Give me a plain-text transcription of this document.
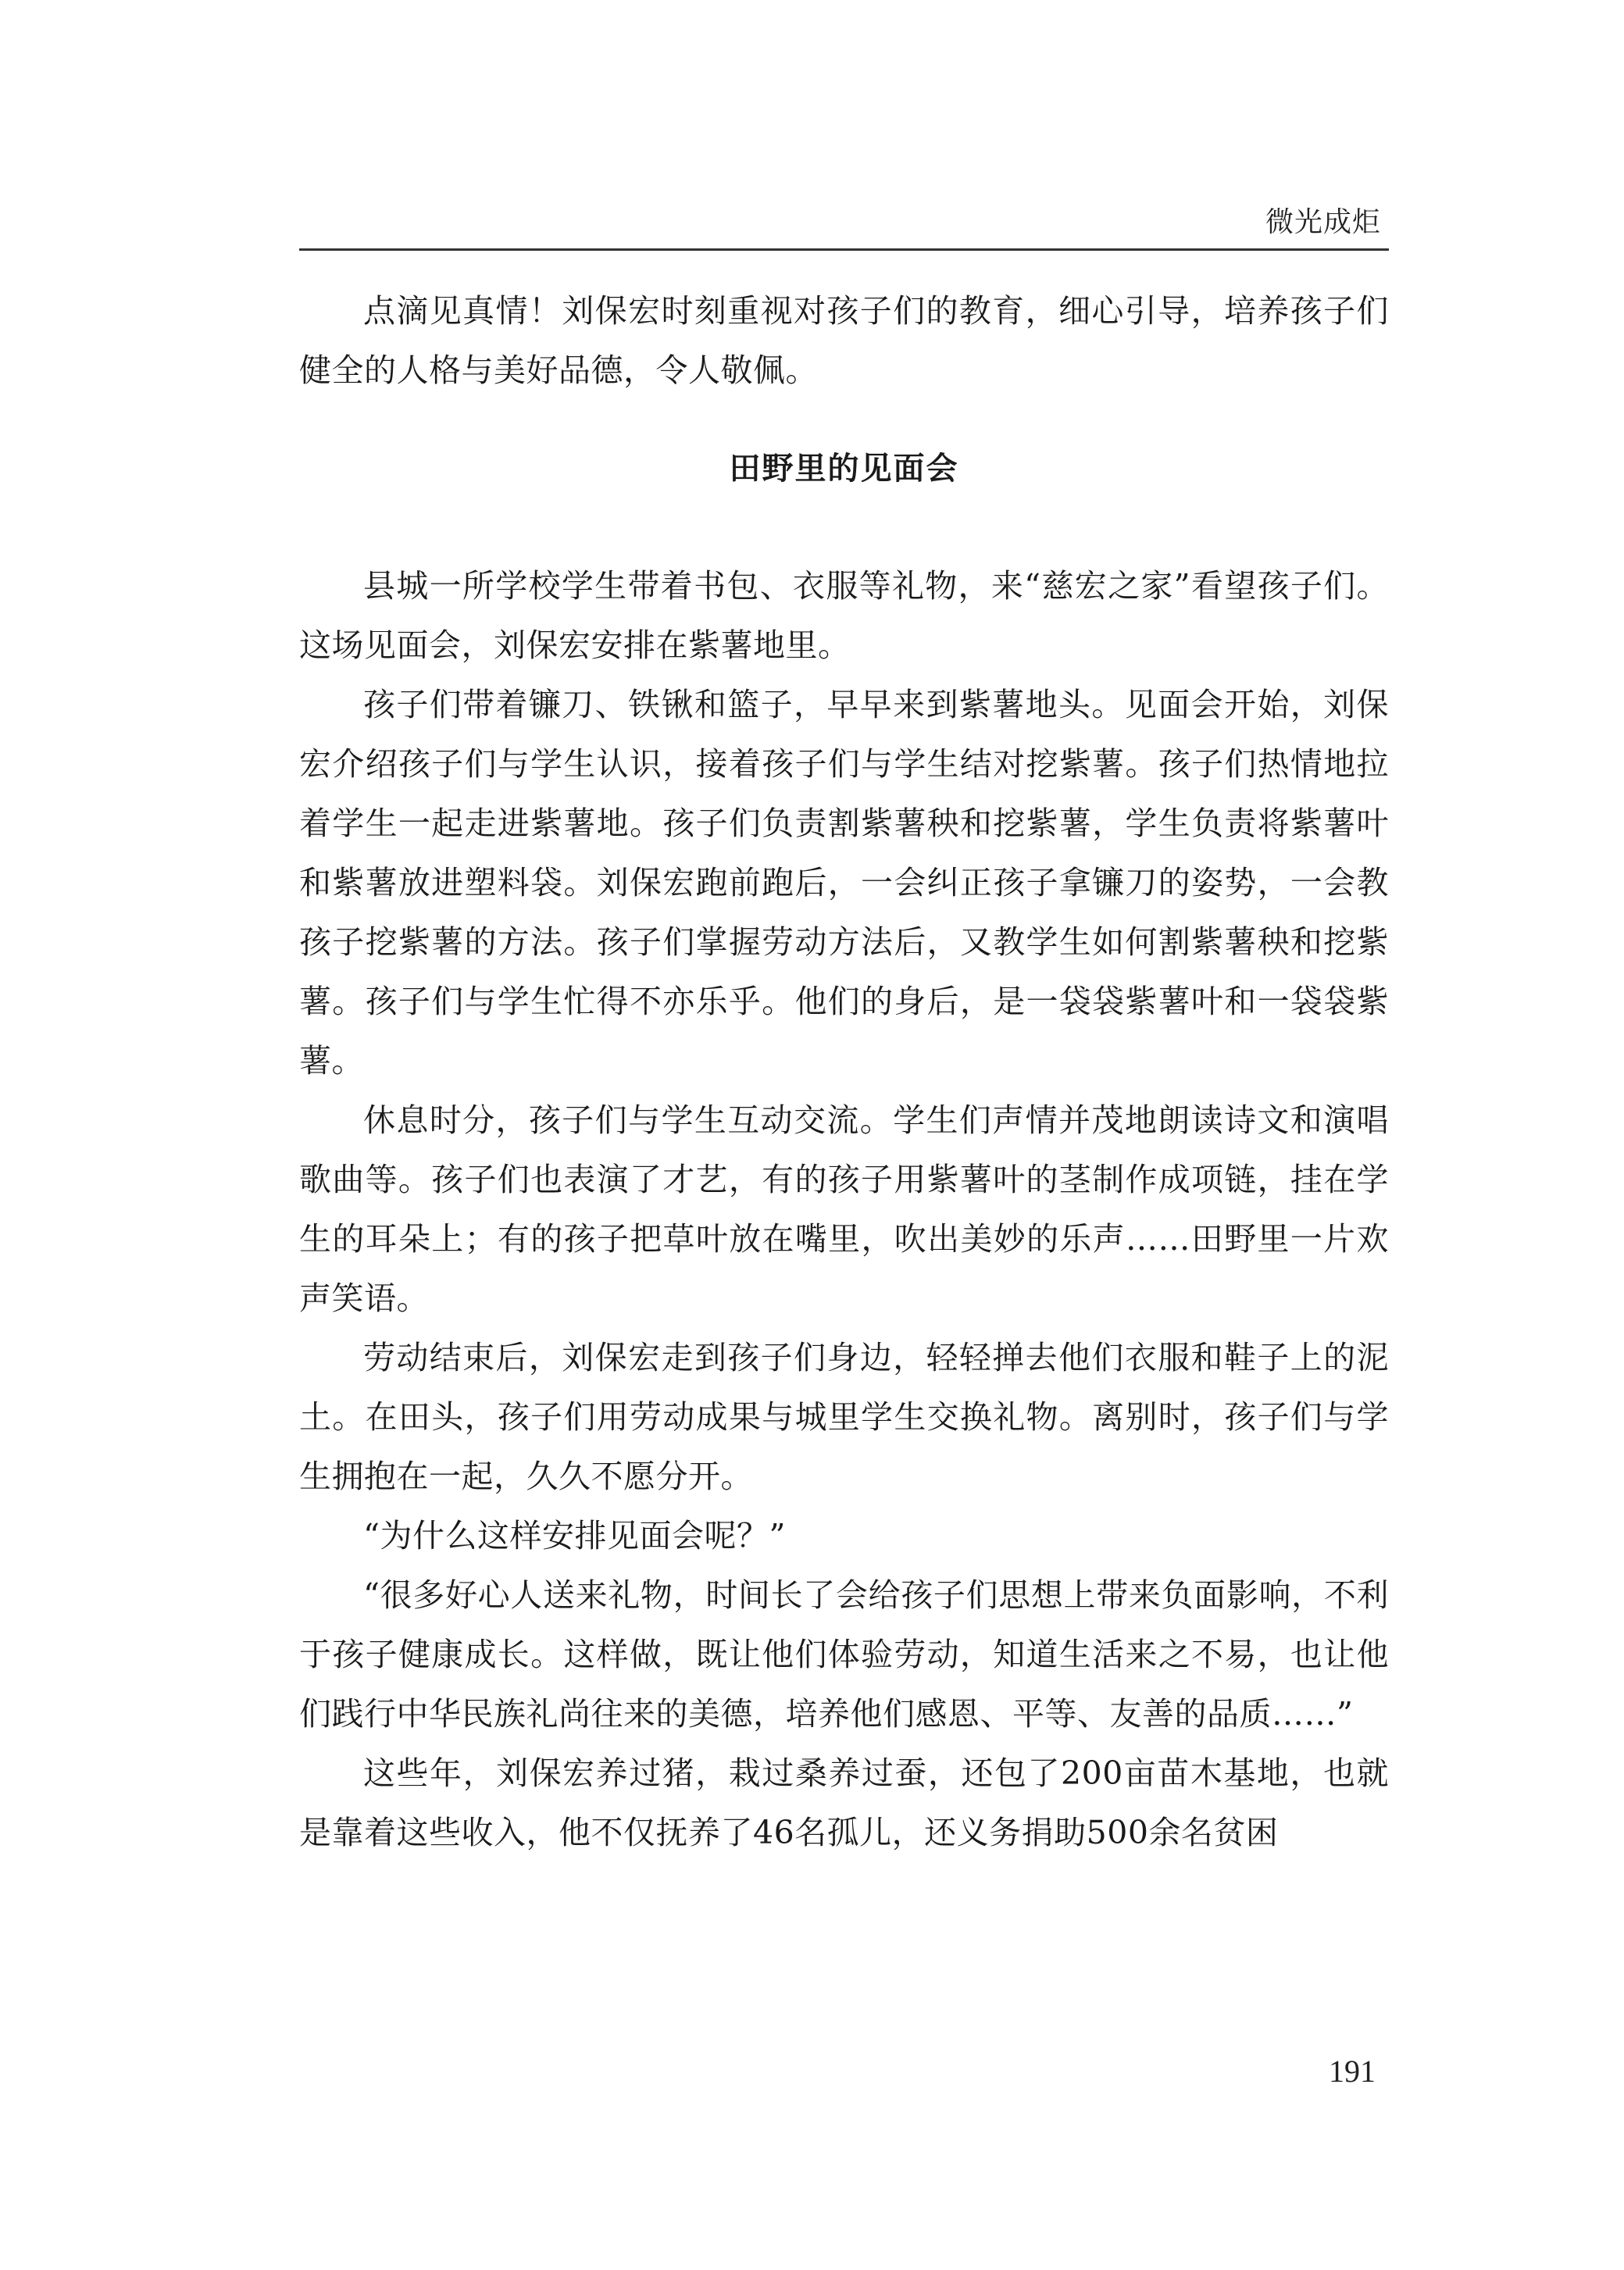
微光成炬

点滴见真情！刘保宏时刻重视对孩子们的教育，细心引导，培养孩子们健全的人格与美好品德，令人敬佩。

田野里的见面会

县城一所学校学生带着书包、衣服等礼物，来“慈宏之家”看望孩子们。这场见面会，刘保宏安排在紫薯地里。

孩子们带着镰刀、铁锹和篮子，早早来到紫薯地头。见面会开始，刘保宏介绍孩子们与学生认识，接着孩子们与学生结对挖紫薯。孩子们热情地拉着学生一起走进紫薯地。孩子们负责割紫薯秧和挖紫薯，学生负责将紫薯叶和紫薯放进塑料袋。刘保宏跑前跑后，一会纠正孩子拿镰刀的姿势，一会教孩子挖紫薯的方法。孩子们掌握劳动方法后，又教学生如何割紫薯秧和挖紫薯。孩子们与学生忙得不亦乐乎。他们的身后，是一袋袋紫薯叶和一袋袋紫薯。

休息时分，孩子们与学生互动交流。学生们声情并茂地朗读诗文和演唱歌曲等。孩子们也表演了才艺，有的孩子用紫薯叶的茎制作成项链，挂在学生的耳朵上；有的孩子把草叶放在嘴里，吹出美妙的乐声……田野里一片欢声笑语。

劳动结束后，刘保宏走到孩子们身边，轻轻掸去他们衣服和鞋子上的泥土。在田头，孩子们用劳动成果与城里学生交换礼物。离别时，孩子们与学生拥抱在一起，久久不愿分开。

“为什么这样安排见面会呢？”

“很多好心人送来礼物，时间长了会给孩子们思想上带来负面影响，不利于孩子健康成长。这样做，既让他们体验劳动，知道生活来之不易，也让他们践行中华民族礼尚往来的美德，培养他们感恩、平等、友善的品质……”

这些年，刘保宏养过猪，栽过桑养过蚕，还包了200亩苗木基地，也就是靠着这些收入，他不仅抚养了46名孤儿，还义务捐助500余名贫困

191
